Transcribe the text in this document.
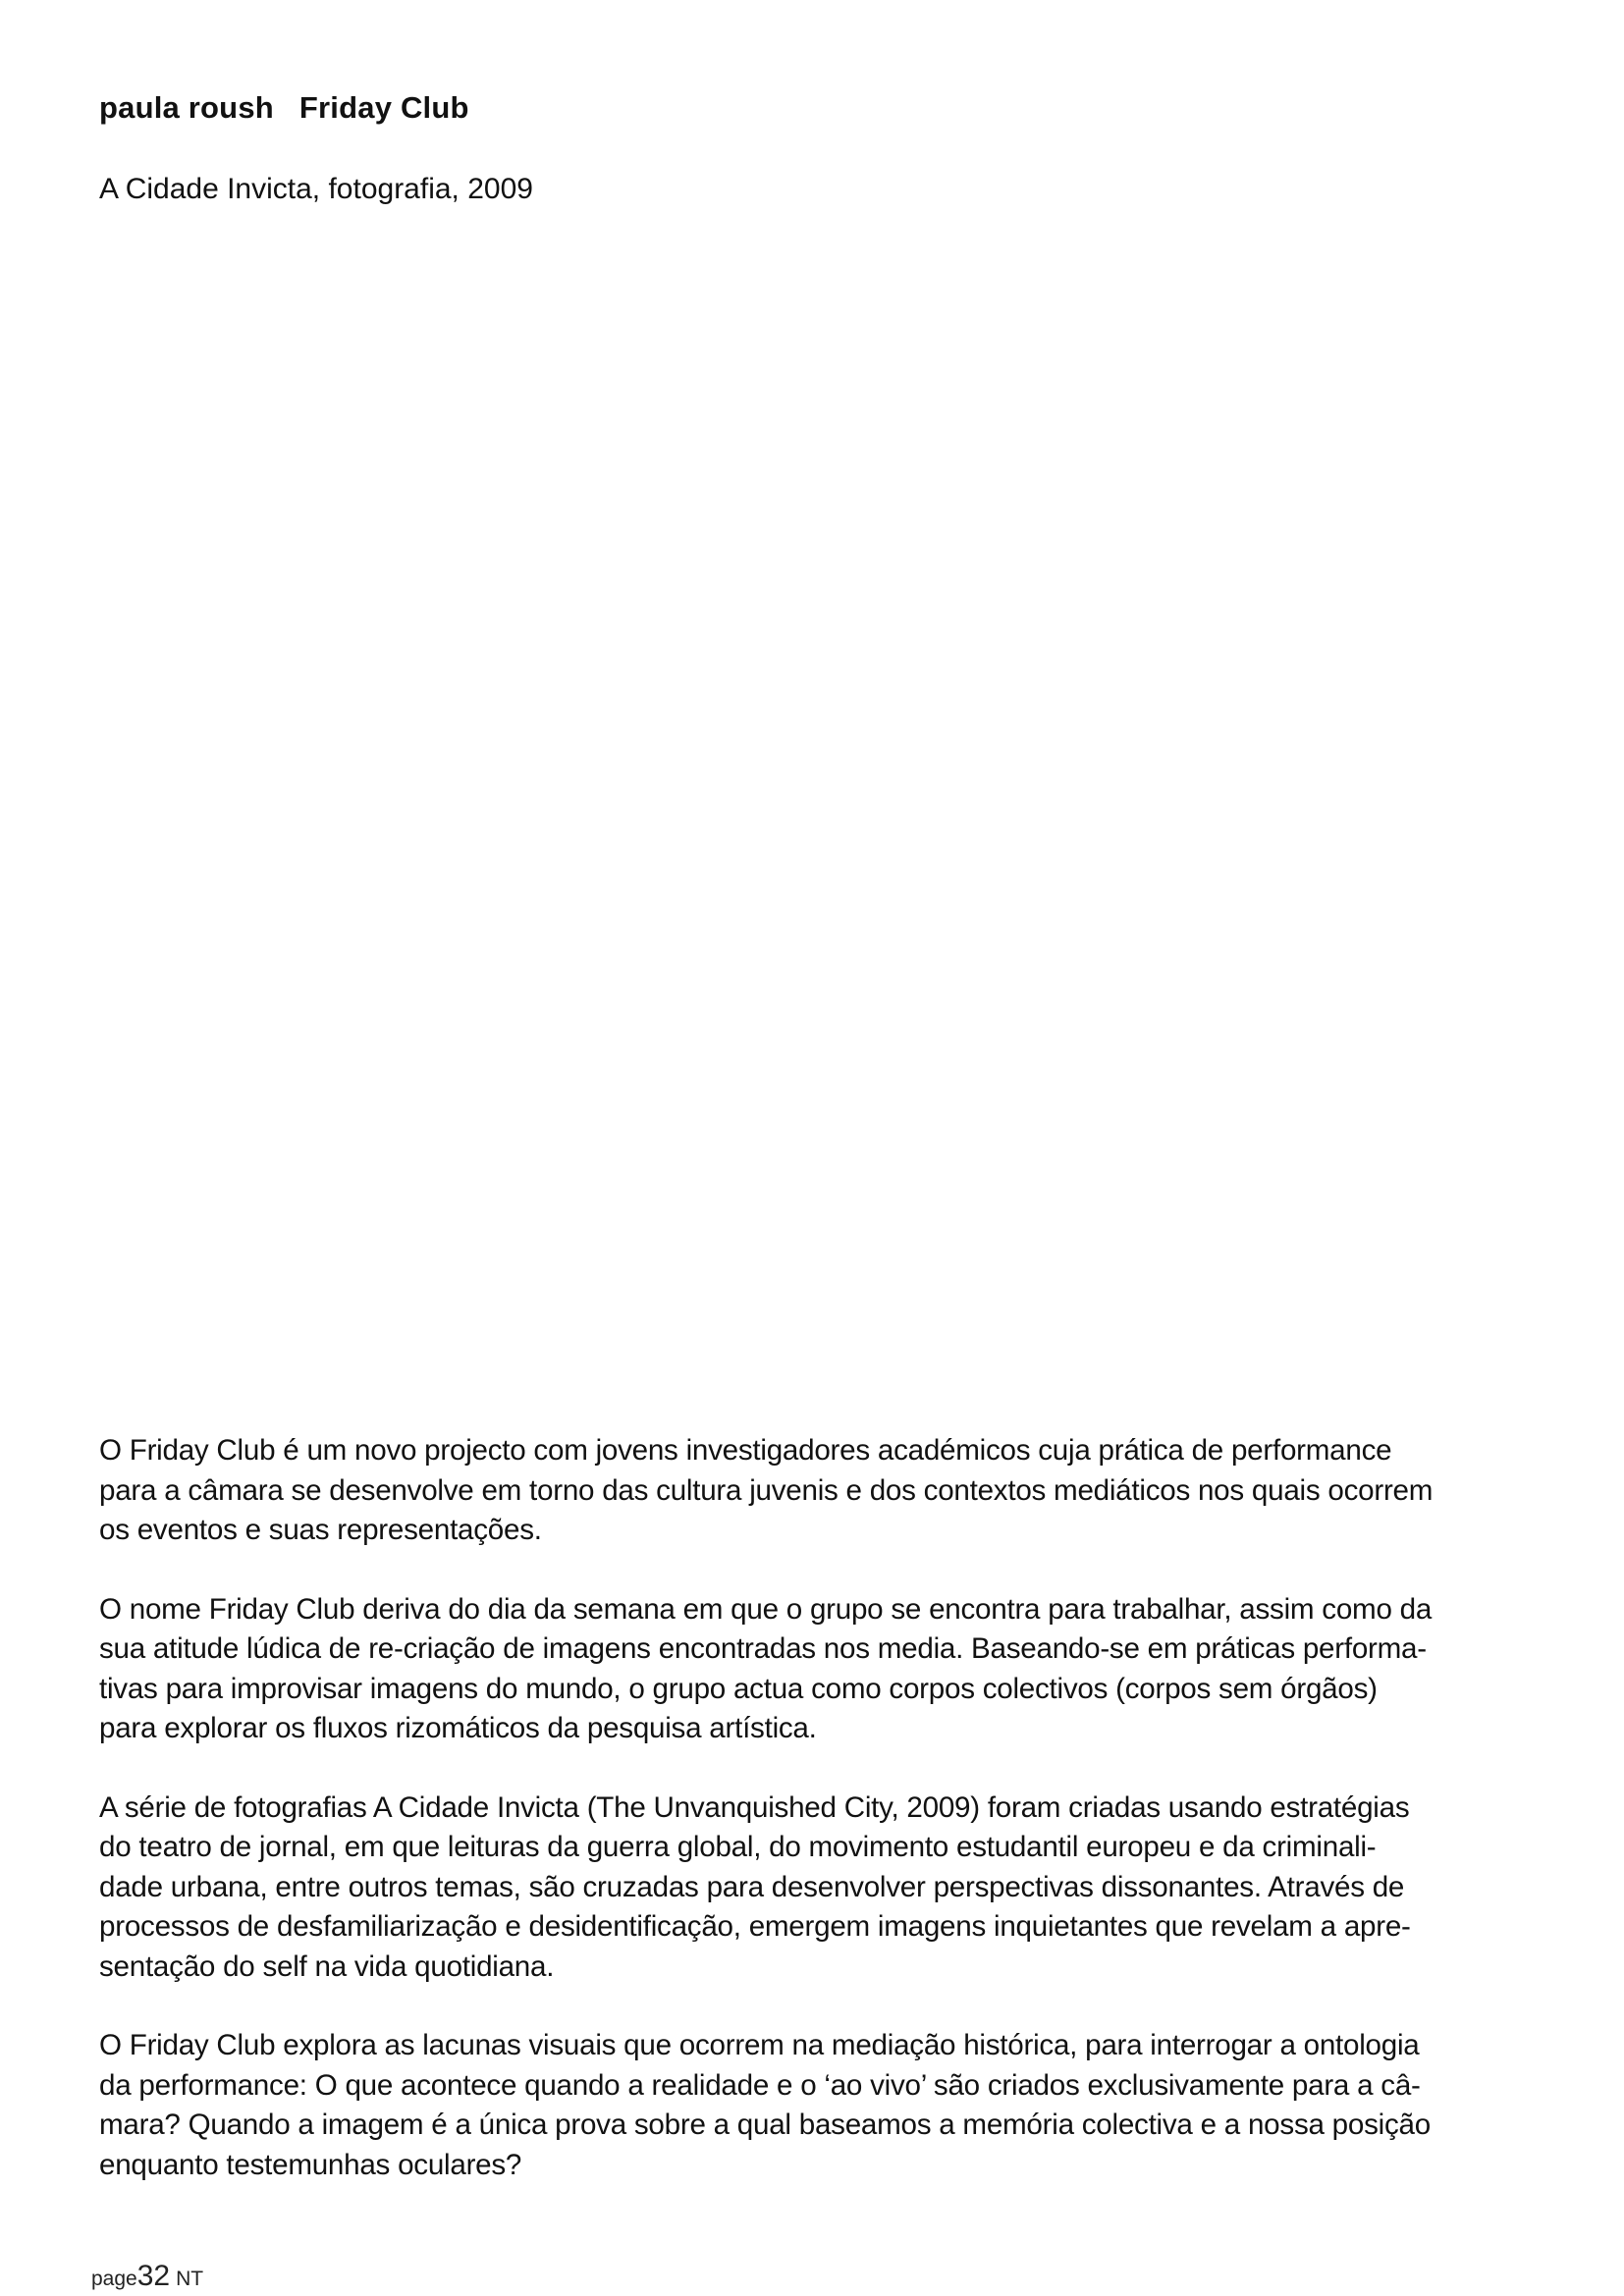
paula roush Friday Club
A Cidade Invicta, fotografia, 2009

O Friday Club é um novo projecto com jovens investigadores académicos cuja prática de performance
para a câmara se desenvolve em torno das cultura juvenis e dos contextos mediáticos nos quais ocorrem
os eventos e suas representações.

O nome Friday Club deriva do dia da semana em que o grupo se encontra para trabalhar, assim como da
sua atitude lúdica de re-criação de imagens encontradas nos media. Baseando-se em práticas performa-
tivas para improvisar imagens do mundo, o grupo actua como corpos colectivos (corpos sem órgãos)
para explorar os fluxos rizomáticos da pesquisa artística.

A série de fotografias A Cidade Invicta (The Unvanquished City, 2009) foram criadas usando estratégias
do teatro de jornal, em que leituras da guerra global, do movimento estudantil europeu e da criminali-
dade urbana, entre outros temas, são cruzadas para desenvolver perspectivas dissonantes. Através de
processos de desfamiliarização e desidentificação, emergem imagens inquietantes que revelam a apre-
sentação do self na vida quotidiana.

O Friday Club explora as lacunas visuais que ocorrem na mediação histórica, para interrogar a ontologia
da performance: O que acontece quando a realidade e o ‘ao vivo’ são criados exclusivamente para a câ-
mara? Quando a imagem é a única prova sobre a qual baseamos a memória colectiva e a nossa posição
enquanto testemunhas oculares?

page32 NT
